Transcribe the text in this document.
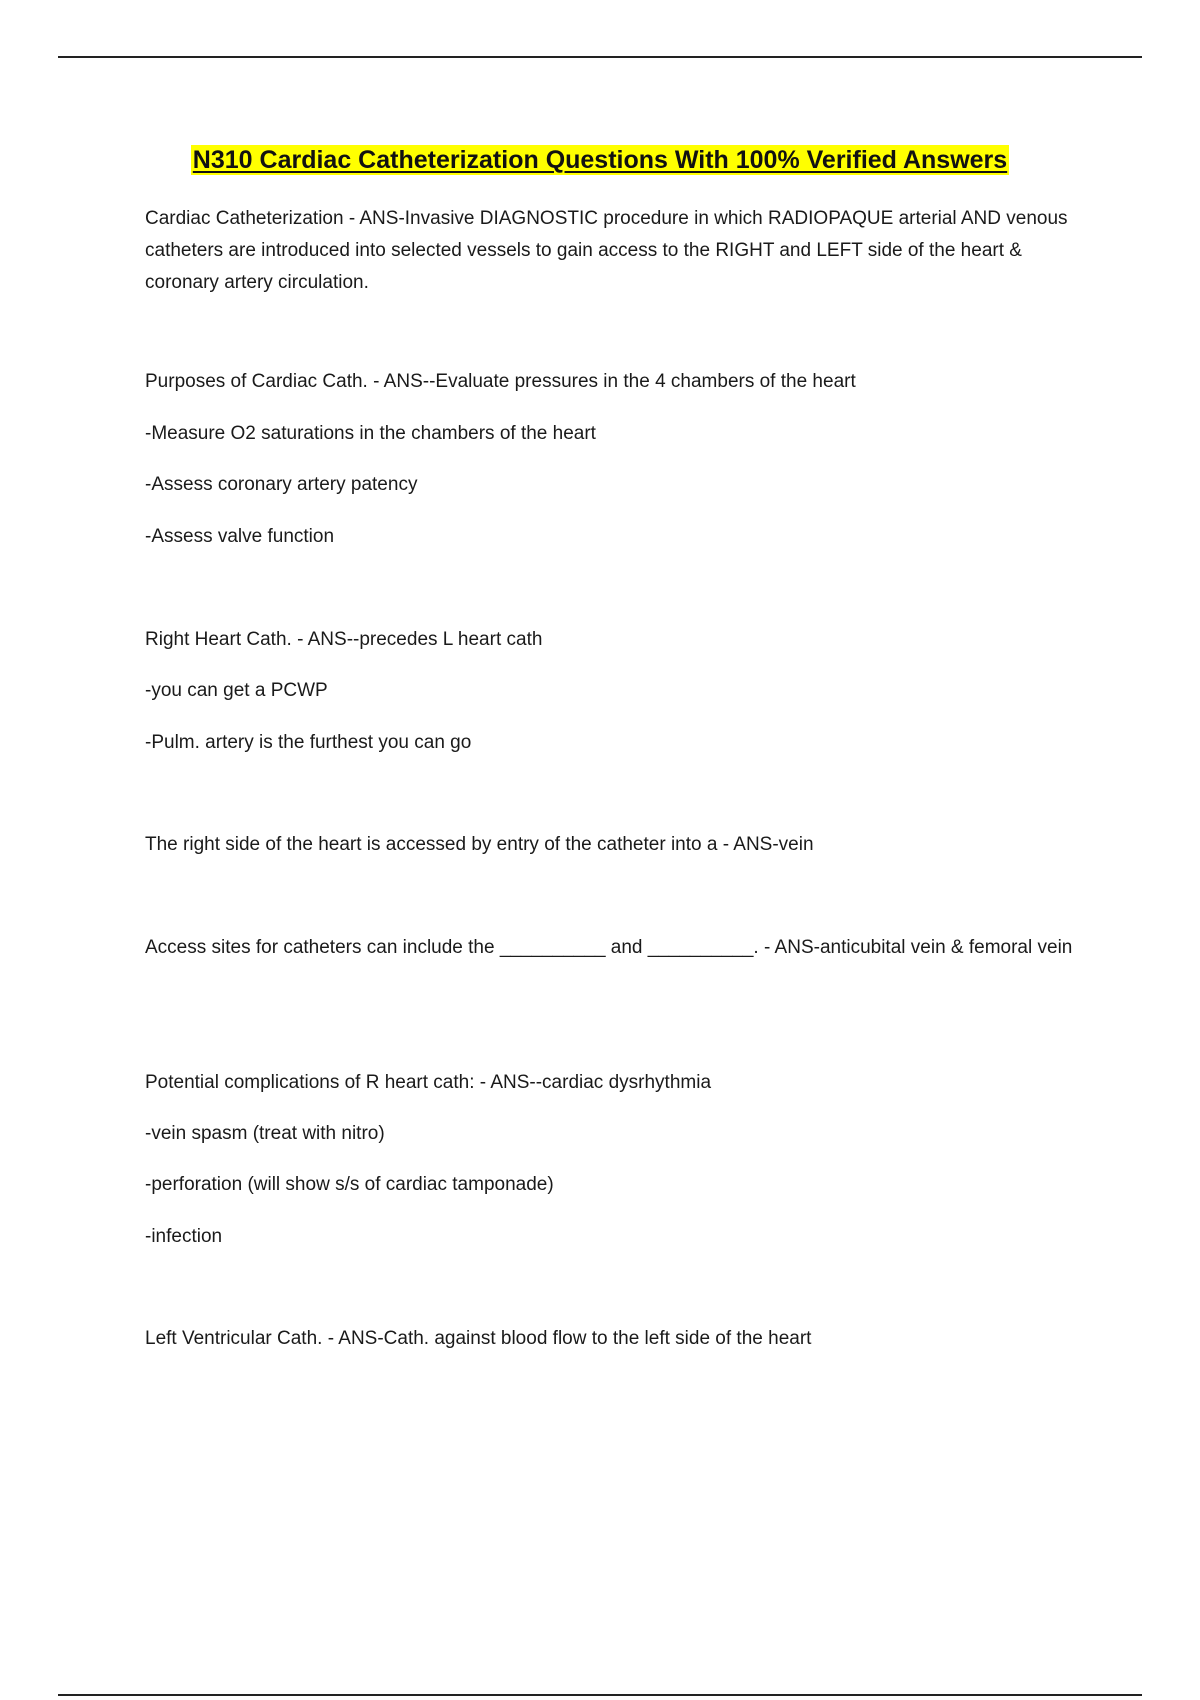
N310 Cardiac Catheterization Questions With 100% Verified Answers

Cardiac Catheterization - ANS-Invasive DIAGNOSTIC procedure in which RADIOPAQUE arterial AND venous catheters are introduced into selected vessels to gain access to the RIGHT and LEFT side of the heart & coronary artery circulation.

Purposes of Cardiac Cath. - ANS--Evaluate pressures in the 4 chambers of the heart

-Measure O2 saturations in the chambers of the heart

-Assess coronary artery patency

-Assess valve function

Right Heart Cath. - ANS--precedes L heart cath

-you can get a PCWP

-Pulm. artery is the furthest you can go

The right side of the heart is accessed by entry of the catheter into a - ANS-vein

Access sites for catheters can include the __________ and __________. - ANS-anticubital vein & femoral vein

Potential complications of R heart cath: - ANS--cardiac dysrhythmia

-vein spasm (treat with nitro)

-perforation (will show s/s of cardiac tamponade)

-infection

Left Ventricular Cath. - ANS-Cath. against blood flow to the left side of the heart
